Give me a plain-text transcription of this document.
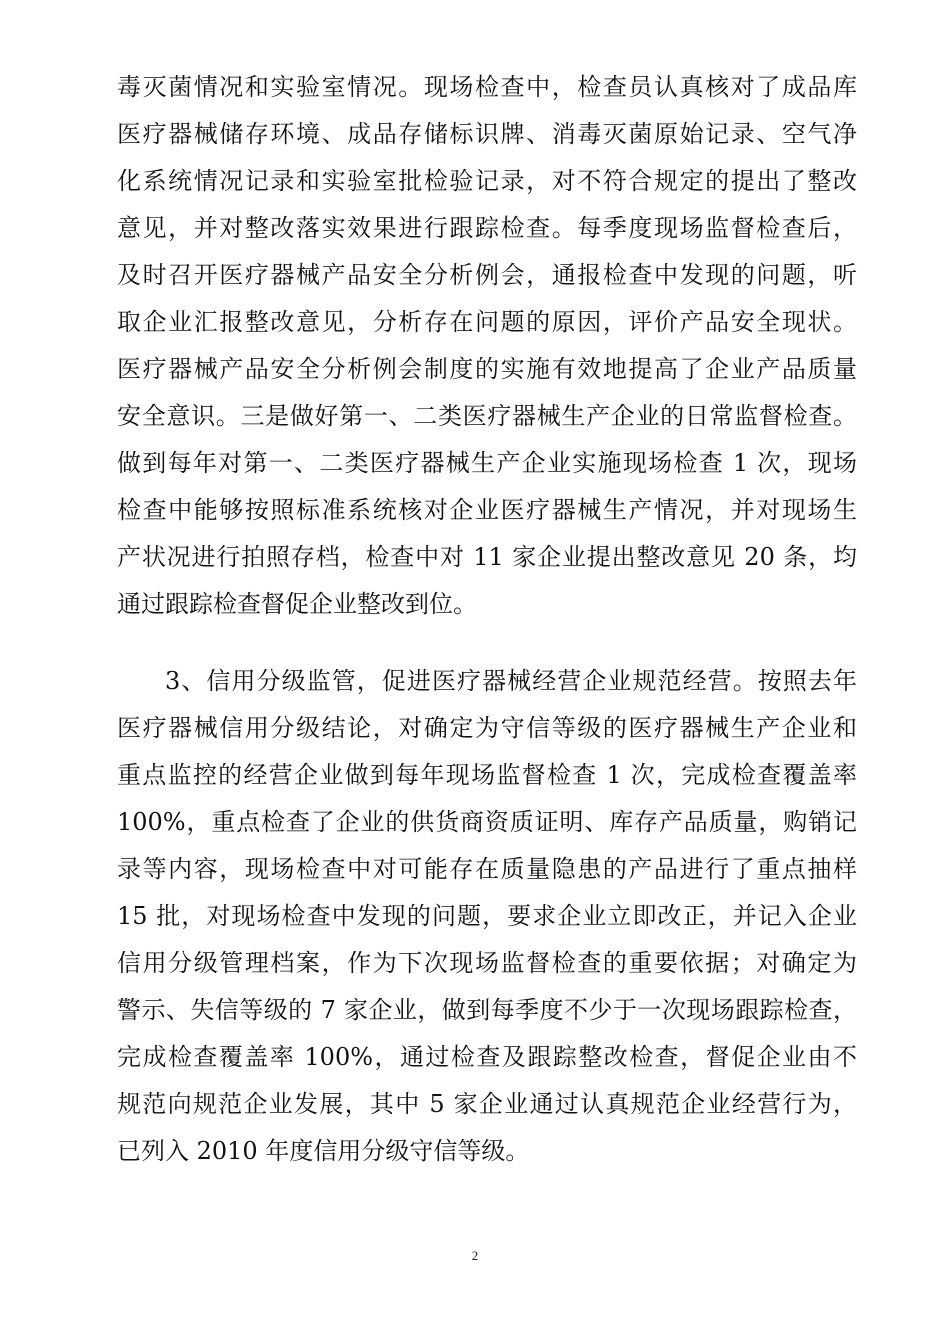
毒灭菌情况和实验室情况。现场检查中，检查员认真核对了成品库
医疗器械储存环境、成品存储标识牌、消毒灭菌原始记录、空气净
化系统情况记录和实验室批检验记录，对不符合规定的提出了整改
意见，并对整改落实效果进行跟踪检查。每季度现场监督检查后，
及时召开医疗器械产品安全分析例会，通报检查中发现的问题，听
取企业汇报整改意见，分析存在问题的原因，评价产品安全现状。
医疗器械产品安全分析例会制度的实施有效地提高了企业产品质量
安全意识。三是做好第一、二类医疗器械生产企业的日常监督检查。
做到每年对第一、二类医疗器械生产企业实施现场检查 1 次，现场
检查中能够按照标准系统核对企业医疗器械生产情况，并对现场生
产状况进行拍照存档，检查中对 11 家企业提出整改意见 20 条，均
通过跟踪检查督促企业整改到位。
3、信用分级监管，促进医疗器械经营企业规范经营。按照去年
医疗器械信用分级结论，对确定为守信等级的医疗器械生产企业和
重点监控的经营企业做到每年现场监督检查 1 次，完成检查覆盖率
100%，重点检查了企业的供货商资质证明、库存产品质量，购销记
录等内容，现场检查中对可能存在质量隐患的产品进行了重点抽样
15 批，对现场检查中发现的问题，要求企业立即改正，并记入企业
信用分级管理档案，作为下次现场监督检查的重要依据；对确定为
警示、失信等级的 7 家企业，做到每季度不少于一次现场跟踪检查，
完成检查覆盖率 100%，通过检查及跟踪整改检查，督促企业由不
规范向规范企业发展，其中 5 家企业通过认真规范企业经营行为，
已列入 2010 年度信用分级守信等级。
2
